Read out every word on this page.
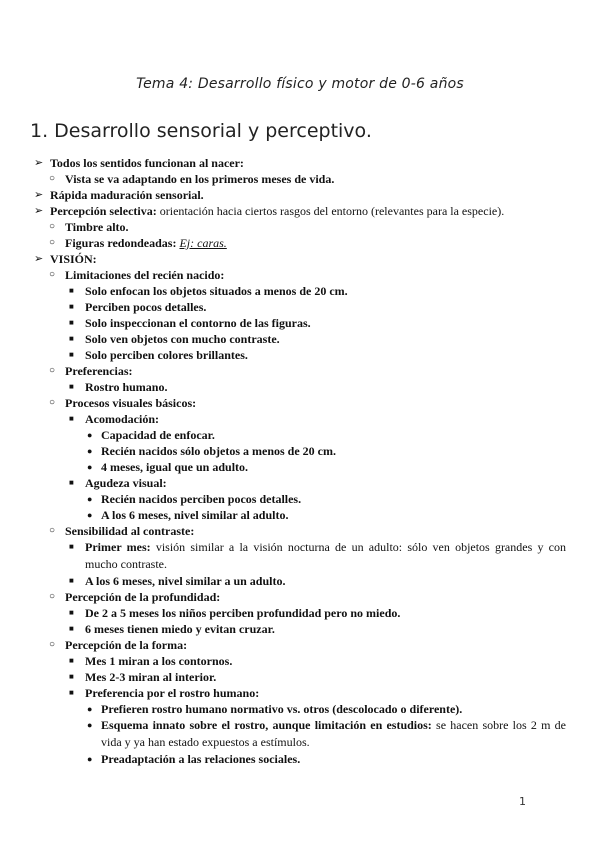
Tema 4: Desarrollo físico y motor de 0-6 años
1. Desarrollo sensorial y perceptivo.
➢ Todos los sentidos funcionan al nacer:
○ Vista se va adaptando en los primeros meses de vida.
➢ Rápida maduración sensorial.
➢ Percepción selectiva: orientación hacia ciertos rasgos del entorno (relevantes para la especie).
○ Timbre alto.
○ Figuras redondeadas: Ej: caras.
➢ VISIÓN:
○ Limitaciones del recién nacido:
■ Solo enfocan los objetos situados a menos de 20 cm.
■ Perciben pocos detalles.
■ Solo inspeccionan el contorno de las figuras.
■ Solo ven objetos con mucho contraste.
■ Solo perciben colores brillantes.
○ Preferencias:
■ Rostro humano.
○ Procesos visuales básicos:
■ Acomodación:
● Capacidad de enfocar.
● Recién nacidos sólo objetos a menos de 20 cm.
● 4 meses, igual que un adulto.
■ Agudeza visual:
● Recién nacidos perciben pocos detalles.
● A los 6 meses, nivel similar al adulto.
○ Sensibilidad al contraste:
■ Primer mes: visión similar a la visión nocturna de un adulto: sólo ven objetos grandes y con mucho contraste.
■ A los 6 meses, nivel similar a un adulto.
○ Percepción de la profundidad:
■ De 2 a 5 meses los niños perciben profundidad pero no miedo.
■ 6 meses tienen miedo y evitan cruzar.
○ Percepción de la forma:
■ Mes 1 miran a los contornos.
■ Mes 2-3 miran al interior.
■ Preferencia por el rostro humano:
● Prefieren rostro humano normativo vs. otros (descolocado o diferente).
● Esquema innato sobre el rostro, aunque limitación en estudios: se hacen sobre los 2 m de vida y ya han estado expuestos a estímulos.
● Preadaptación a las relaciones sociales.
1
